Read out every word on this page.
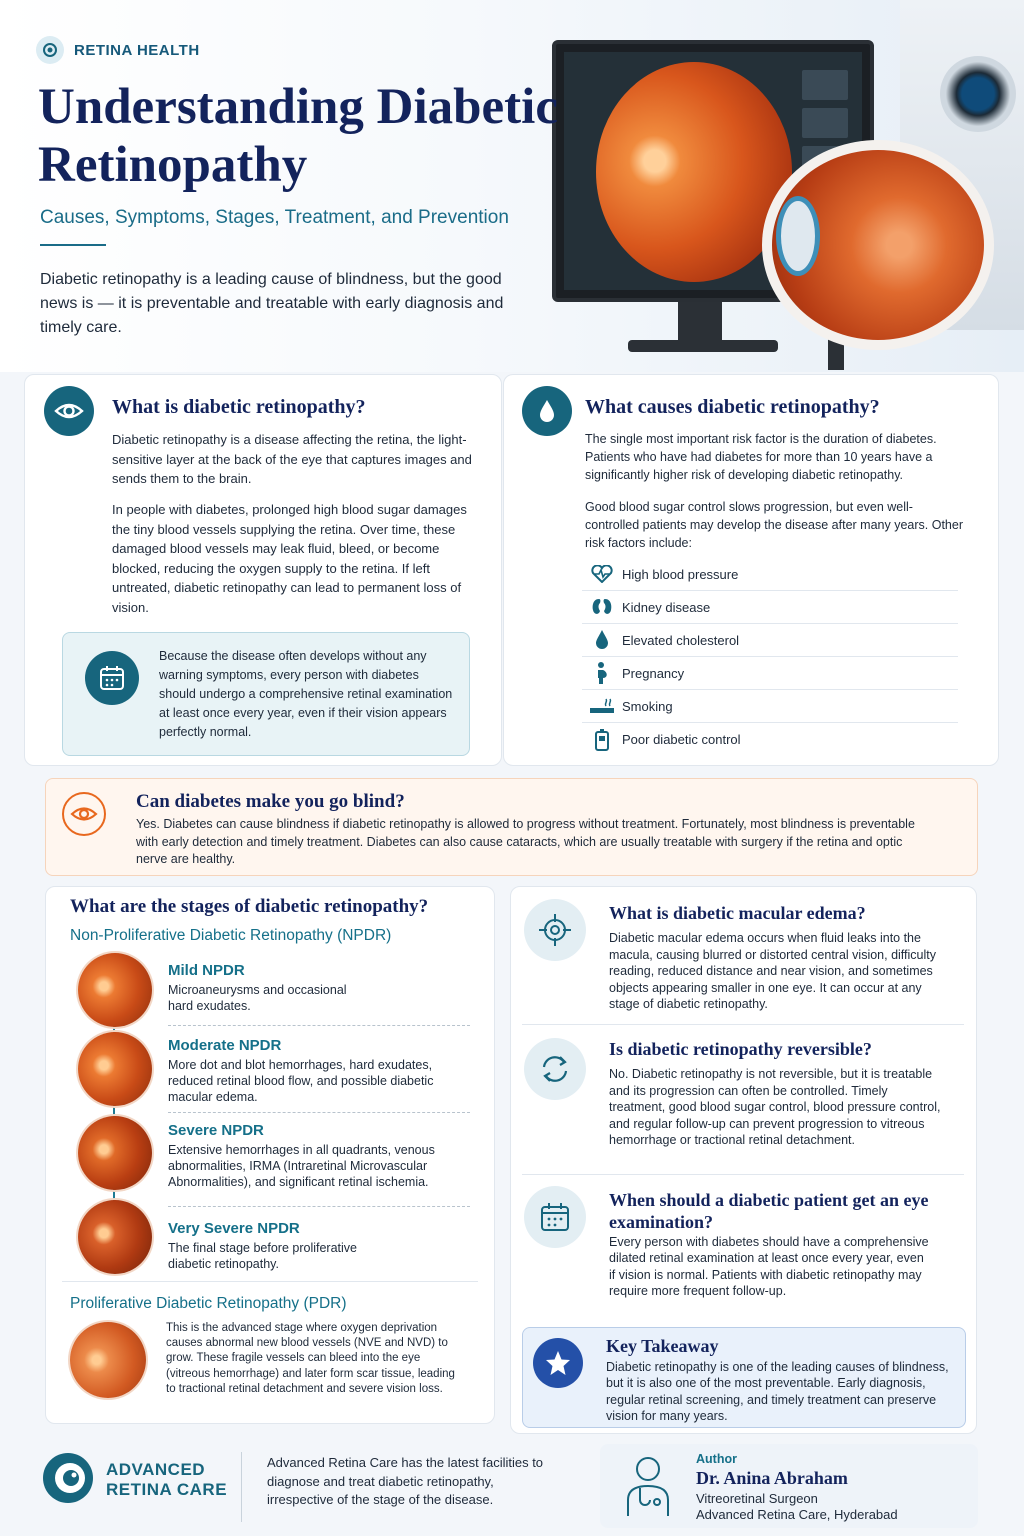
RETINA HEALTH
Understanding Diabetic Retinopathy
Causes, Symptoms, Stages, Treatment, and Prevention

Diabetic retinopathy is a leading cause of blindness, but the good news is — it is preventable and treatable with early diagnosis and timely care.

What is diabetic retinopathy?

Diabetic retinopathy is a disease affecting the retina, the light-sensitive layer at the back of the eye that captures images and sends them to the brain.

In people with diabetes, prolonged high blood sugar damages the tiny blood vessels supplying the retina. Over time, these damaged blood vessels may leak fluid, bleed, or become blocked, reducing the oxygen supply to the retina. If left untreated, diabetic retinopathy can lead to permanent loss of vision.

Because the disease often develops without any warning symptoms, every person with diabetes should undergo a comprehensive retinal examination at least once every year, even if their vision appears perfectly normal.

What causes diabetic retinopathy?

The single most important risk factor is the duration of diabetes. Patients who have had diabetes for more than 10 years have a significantly higher risk of developing diabetic retinopathy.

Good blood sugar control slows progression, but even well-controlled patients may develop the disease after many years. Other risk factors include:

High blood pressure
Kidney disease
Elevated cholesterol
Pregnancy
Smoking
Poor diabetic control
Can diabetes make you go blind?

Yes. Diabetes can cause blindness if diabetic retinopathy is allowed to progress without treatment. Fortunately, most blindness is preventable with early detection and timely treatment. Diabetes can also cause cataracts, which are usually treatable with surgery if the retina and optic nerve are healthy.

What are the stages of diabetic retinopathy?
Non-Proliferative Diabetic Retinopathy (NPDR)
Mild NPDR
Microaneurysms and occasional hard exudates.
Moderate NPDR
More dot and blot hemorrhages, hard exudates, reduced retinal blood flow, and possible diabetic macular edema.
Severe NPDR
Extensive hemorrhages in all quadrants, venous abnormalities, IRMA (Intraretinal Microvascular Abnormalities), and significant retinal ischemia.
Very Severe NPDR
The final stage before proliferative diabetic retinopathy.
Proliferative Diabetic Retinopathy (PDR)
This is the advanced stage where oxygen deprivation causes abnormal new blood vessels (NVE and NVD) to grow. These fragile vessels can bleed into the eye (vitreous hemorrhage) and later form scar tissue, leading to tractional retinal detachment and severe vision loss.
What is diabetic macular edema?

Diabetic macular edema occurs when fluid leaks into the macula, causing blurred or distorted central vision, difficulty reading, reduced distance and near vision, and sometimes objects appearing smaller in one eye. It can occur at any stage of diabetic retinopathy.

Is diabetic retinopathy reversible?

No. Diabetic retinopathy is not reversible, but it is treatable and its progression can often be controlled. Timely treatment, good blood sugar control, blood pressure control, and regular follow-up can prevent progression to vitreous hemorrhage or tractional retinal detachment.

When should a diabetic patient get an eye examination?

Every person with diabetes should have a comprehensive dilated retinal examination at least once every year, even if vision is normal. Patients with diabetic retinopathy may require more frequent follow-up.

Key Takeaway

Diabetic retinopathy is one of the leading causes of blindness, but it is also one of the most preventable. Early diagnosis, regular retinal screening, and timely treatment can preserve vision for many years.

ADVANCED
RETINA CARE

Advanced Retina Care has the latest facilities to diagnose and treat diabetic retinopathy, irrespective of the stage of the disease.

Author
Dr. Anina Abraham
Vitreoretinal Surgeon
Advanced Retina Care, Hyderabad
